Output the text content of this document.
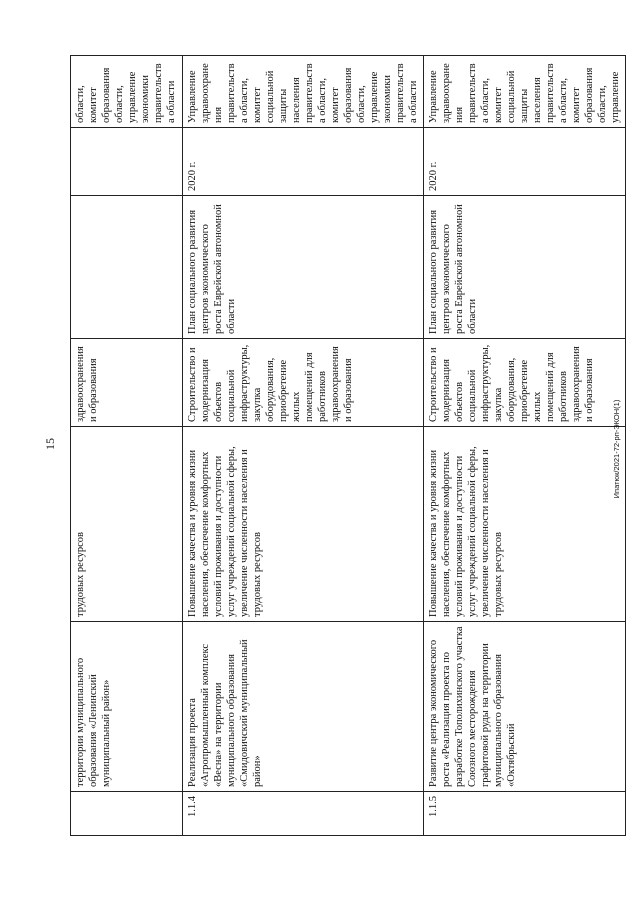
15
	территории муниципального образования «Ленинский муниципальный район»	трудовых ресурсов	здравоохранения и образования			области, комитет образования области, управление экономики правительства области
1.1.4	Реализация проекта «Агропромышленный комплекс «Весна» на территории муниципального образования «Смидовичский муниципальный район»	Повышение качества и уровня жизни населения, обеспечение комфортных условий проживания и доступности услуг учреждений социальной сферы, увеличение численности населения и трудовых ресурсов	Строительство и модернизация объектов социальной инфраструктуры, закупка оборудования, приобретение жилых помещений для работников здравоохранения и образования	План социального развития центров экономического роста Еврейской автономной области	2020 г.	Управление здравоохранения правительства области, комитет социальной защиты населения правительства области, комитет образования области, управление экономики правительства области
1.1.5	Развитие центра экономического роста «Реализация проекта по разработке Тополихинского участка Союзного месторождения графитовой руды на территории муниципального образования «Октябрьский	Повышение качества и уровня жизни населения, обеспечение комфортных условий проживания и доступности услуг учреждений социальной сферы, увеличение численности населения и трудовых ресурсов	Строительство и модернизация объектов социальной инфраструктуры, закупка оборудования, приобретение жилых помещений для работников здравоохранения и образования	План социального развития центров экономического роста Еврейской автономной области	2020 г.	Управление здравоохранения правительства области, комитет социальной защиты населения правительства области, комитет образования области, управление
Ипатюк/2021-72-рп-ЭКОН(1)
